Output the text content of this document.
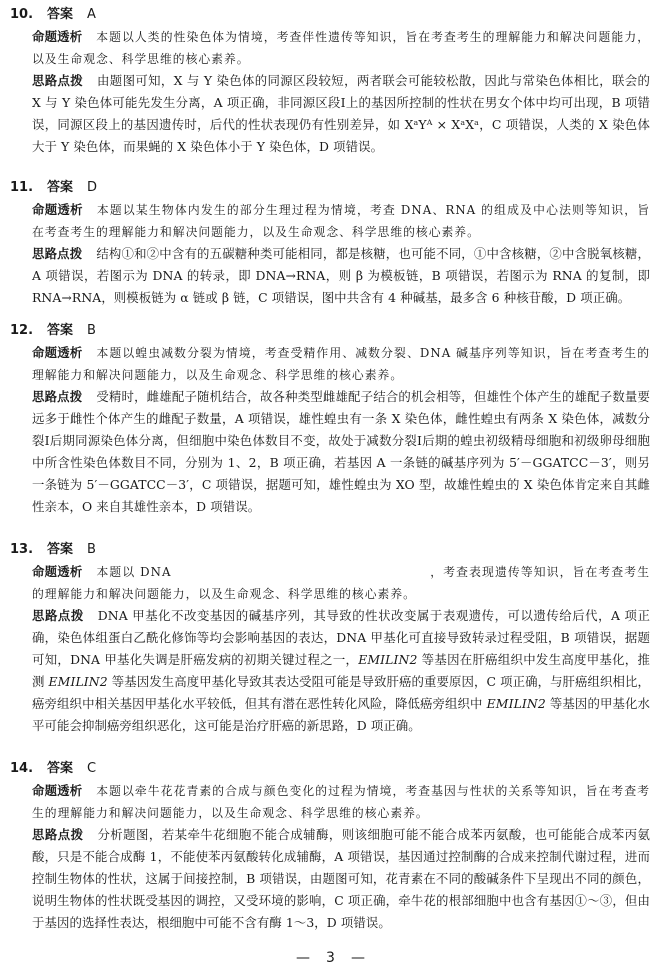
10. 答案 A
命题透析 本题以人类的性染色体为情境，考查伴性遗传等知识，旨在考查考生的理解能力和解决问题能力，以及生命观念、科学思维的核心素养。
思路点拨 由题图可知，X 与 Y 染色体的同源区段较短，两者联会可能较松散，因此与常染色体相比，联会的 X 与 Y 染色体可能先发生分离，A 项正确，非同源区段Ⅰ上的基因所控制的性状在男女个体中均可出现，B 项错误，同源区段上的基因遗传时，后代的性状表现仍有性别差异，如 XᵃYᴬ × XᵃXᵃ，C 项错误，人类的 X 染色体大于 Y 染色体，而果蝇的 X 染色体小于 Y 染色体，D 项错误。
11. 答案 D
命题透析 本题以某生物体内发生的部分生理过程为情境，考查 DNA、RNA 的组成及中心法则等知识，旨在考查考生的理解能力和解决问题能力，以及生命观念、科学思维的核心素养。
思路点拨 结构①和②中含有的五碳糖种类可能相同，都是核糖，也可能不同，①中含核糖，②中含脱氧核糖，A 项错误，若图示为 DNA 的转录，即 DNA→RNA，则 β 为模板链，B 项错误，若图示为 RNA 的复制，即 RNA→RNA，则模板链为 α 链或 β 链，C 项错误，图中共含有 4 种碱基，最多含 6 种核苷酸，D 项正确。
12. 答案 B
命题透析 本题以蝗虫减数分裂为情境，考查受精作用、减数分裂、DNA 碱基序列等知识，旨在考查考生的理解能力和解决问题能力，以及生命观念、科学思维的核心素养。
思路点拨 受精时，雌雄配子随机结合，故各种类型雌雄配子结合的机会相等，但雄性个体产生的雄配子数量要远多于雌性个体产生的雌配子数量，A 项错误，雄性蝗虫有一条 X 染色体，雌性蝗虫有两条 X 染色体，减数分裂Ⅰ后期同源染色体分离，但细胞中染色体数目不变，故处于减数分裂Ⅰ后期的蝗虫初级精母细胞和初级卵母细胞中所含性染色体数目不同，分别为 1、2，B 项正确，若基因 A 一条链的碱基序列为 5′－GGATCC－3′，则另一条链为 5′－GGATCC－3′，C 项错误，据题可知，雄性蝗虫为 XO 型，故雄性蝗虫的 X 染色体肯定来自其雌性亲本，O 来自其雄性亲本，D 项错误。
13. 答案 B
命题透析 本题以 DNA                                                     ，考查表现遗传等知识，旨在考查考生的理解能力和解决问题能力，以及生命观念、科学思维的核心素养。
思路点拨 DNA 甲基化不改变基因的碱基序列，其导致的性状改变属于表观遗传，可以遗传给后代，A 项正确，染色体组蛋白乙酰化修饰等均会影响基因的表达，DNA 甲基化可直接导致转录过程受阻，B 项错误，据题可知，DNA 甲基化失调是肝癌发病的初期关键过程之一，EMILIN2 等基因在肝癌组织中发生高度甲基化，推测 EMILIN2 等基因发生高度甲基化导致其表达受阻可能是导致肝癌的重要原因，C 项正确，与肝癌组织相比，癌旁组织中相关基因甲基化水平较低，但其有潜在恶性转化风险，降低癌旁组织中 EMILIN2 等基因的甲基化水平可能会抑制癌旁组织恶化，这可能是治疗肝癌的新思路，D 项正确。
14. 答案 C
命题透析 本题以牵牛花花青素的合成与颜色变化的过程为情境，考查基因与性状的关系等知识，旨在考查考生的理解能力和解决问题能力，以及生命观念、科学思维的核心素养。
思路点拨 分析题图，若某牵牛花细胞不能合成辅酶，则该细胞可能不能合成苯丙氨酸，也可能能合成苯丙氨酸，只是不能合成酶 1，不能使苯丙氨酸转化成辅酶，A 项错误，基因通过控制酶的合成来控制代谢过程，进而控制生物体的性状，这属于间接控制，B 项错误，由题图可知，花青素在不同的酸碱条件下呈现出不同的颜色，说明生物体的性状既受基因的调控，又受环境的影响，C 项正确，牵牛花的根部细胞中也含有基因①～③，但由于基因的选择性表达，根细胞中可能不含有酶 1～3，D 项错误。
— 3 —
